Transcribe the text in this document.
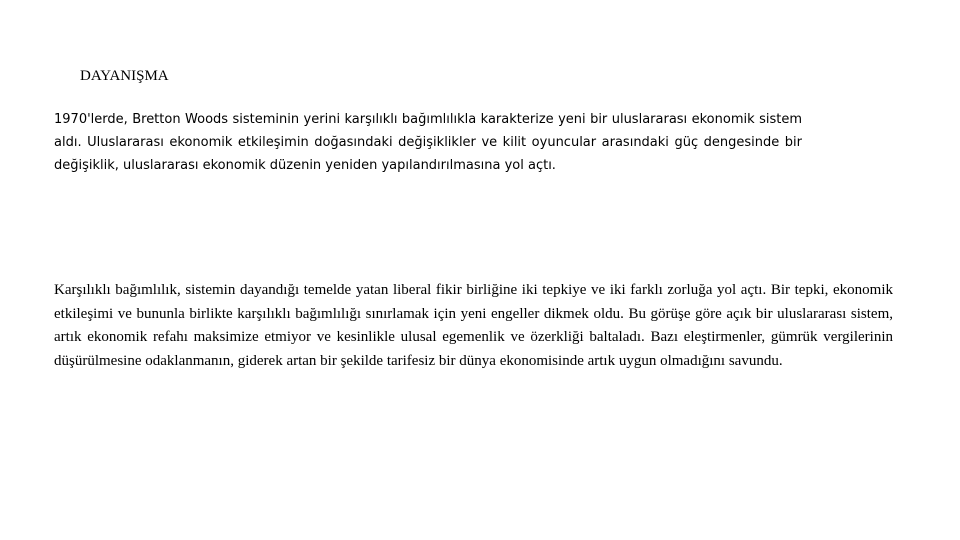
DAYANIŞMA

1970'lerde, Bretton Woods sisteminin yerini karşılıklı bağımlılıkla karakterize yeni bir uluslararası ekonomik sistem aldı. Uluslararası ekonomik etkileşimin doğasındaki değişiklikler ve kilit oyuncular arasındaki güç dengesinde bir değişiklik, uluslararası ekonomik düzenin yeniden yapılandırılmasına yol açtı.

Karşılıklı bağımlılık, sistemin dayandığı temelde yatan liberal fikir birliğine iki tepkiye ve iki farklı zorluğa yol açtı. Bir tepki, ekonomik etkileşimi ve bununla birlikte karşılıklı bağımlılığı sınırlamak için yeni engeller dikmek oldu. Bu görüşe göre açık bir uluslararası sistem, artık ekonomik refahı maksimize etmiyor ve kesinlikle ulusal egemenlik ve özerkliği baltaladı. Bazı eleştirmenler, gümrük vergilerinin düşürülmesine odaklanmanın, giderek artan bir şekilde tarifesiz bir dünya ekonomisinde artık uygun olmadığını savundu.
